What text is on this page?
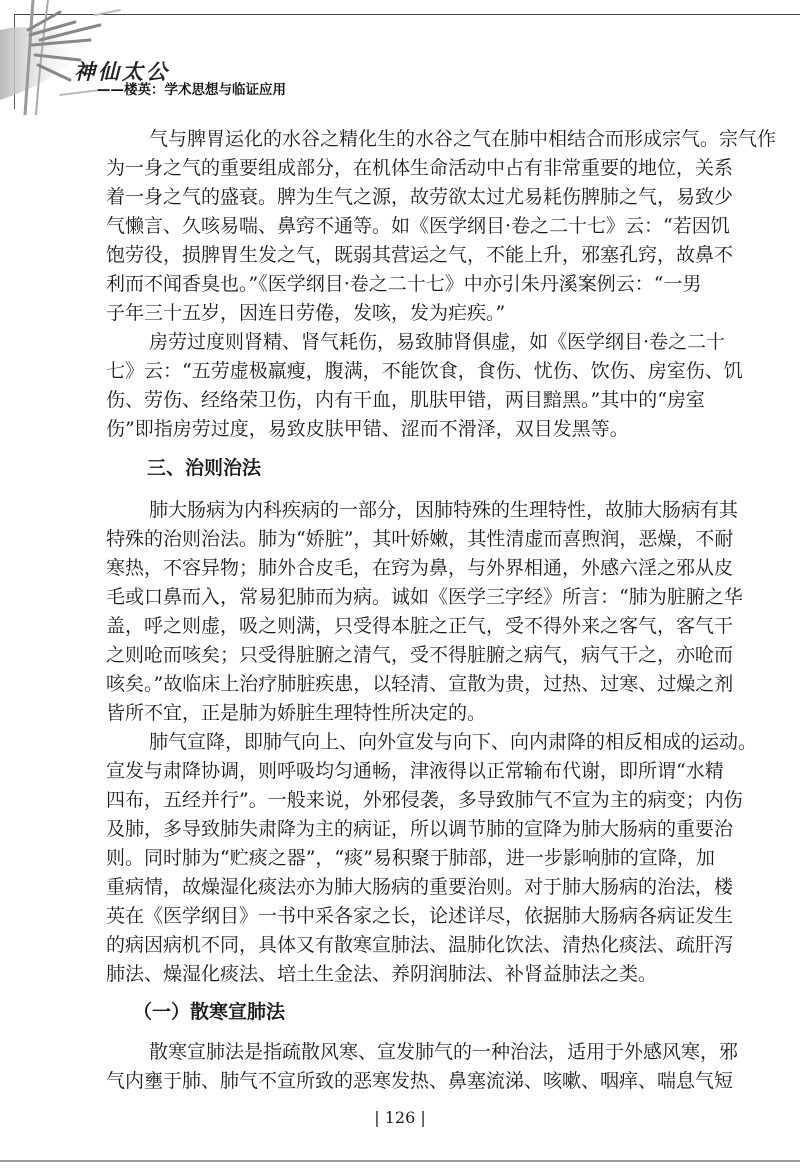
神仙太公
——楼英：学术思想与临证应用
气与脾胃运化的水谷之精化生的水谷之气在肺中相结合而形成宗气。宗气作
为一身之气的重要组成部分，在机体生命活动中占有非常重要的地位，关系
着一身之气的盛衰。脾为生气之源，故劳欲太过尤易耗伤脾肺之气，易致少
气懒言、久咳易喘、鼻窍不通等。如《医学纲目·卷之二十七》云：“若因饥
饱劳役，损脾胃生发之气，既弱其营运之气，不能上升，邪塞孔窍，故鼻不
利而不闻香臭也。”《医学纲目·卷之二十七》中亦引朱丹溪案例云：“一男
子年三十五岁，因连日劳倦，发咳，发为疟疾。”
房劳过度则肾精、肾气耗伤，易致肺肾俱虚，如《医学纲目·卷之二十
七》云：“五劳虚极羸瘦，腹满，不能饮食，食伤、忧伤、饮伤、房室伤、饥
伤、劳伤、经络荣卫伤，内有干血，肌肤甲错，两目黯黑。”其中的“房室
伤”即指房劳过度，易致皮肤甲错、涩而不滑泽，双目发黑等。
肺大肠病为内科疾病的一部分，因肺特殊的生理特性，故肺大肠病有其
特殊的治则治法。肺为“娇脏”，其叶娇嫩，其性清虚而喜煦润，恶燥，不耐
寒热，不容异物；肺外合皮毛，在窍为鼻，与外界相通，外感六淫之邪从皮
毛或口鼻而入，常易犯肺而为病。诚如《医学三字经》所言：“肺为脏腑之华
盖，呼之则虚，吸之则满，只受得本脏之正气，受不得外来之客气，客气干
之则呛而咳矣；只受得脏腑之清气，受不得脏腑之病气，病气干之，亦呛而
咳矣。”故临床上治疗肺脏疾患，以轻清、宣散为贵，过热、过寒、过燥之剂
皆所不宜，正是肺为娇脏生理特性所决定的。
肺气宣降，即肺气向上、向外宣发与向下、向内肃降的相反相成的运动。
宣发与肃降协调，则呼吸均匀通畅，津液得以正常输布代谢，即所谓“水精
四布，五经并行”。一般来说，外邪侵袭，多导致肺气不宣为主的病变；内伤
及肺，多导致肺失肃降为主的病证，所以调节肺的宣降为肺大肠病的重要治
则。同时肺为“贮痰之器”，“痰”易积聚于肺部，进一步影响肺的宣降，加
重病情，故燥湿化痰法亦为肺大肠病的重要治则。对于肺大肠病的治法，楼
英在《医学纲目》一书中采各家之长，论述详尽，依据肺大肠病各病证发生
的病因病机不同，具体又有散寒宣肺法、温肺化饮法、清热化痰法、疏肝泻
肺法、燥湿化痰法、培土生金法、养阴润肺法、补肾益肺法之类。
散寒宣肺法是指疏散风寒、宣发肺气的一种治法，适用于外感风寒，邪
气内壅于肺、肺气不宣所致的恶寒发热、鼻塞流涕、咳嗽、咽痒、喘息气短
三、治则治法
（一）散寒宣肺法
| 126 |
